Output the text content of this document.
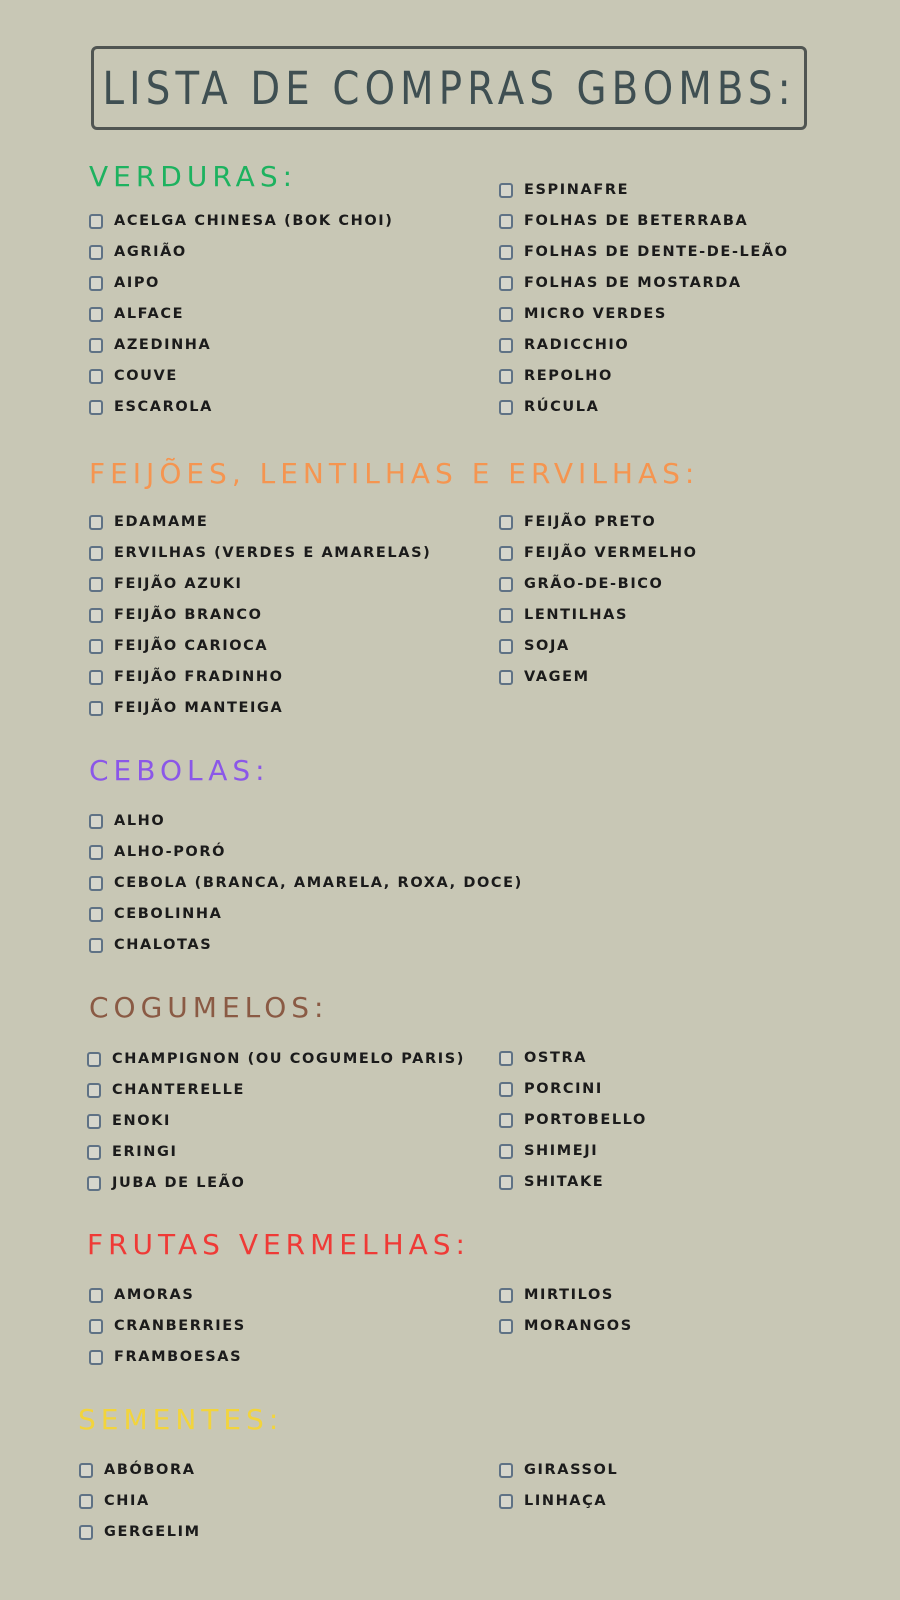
LISTA DE COMPRAS GBOMBS:
VERDURAS:
ACELGA CHINESA (BOK CHOI)
AGRIÃO
AIPO
ALFACE
AZEDINHA
COUVE
ESCAROLA
ESPINAFRE
FOLHAS DE BETERRABA
FOLHAS DE DENTE-DE-LEÃO
FOLHAS DE MOSTARDA
MICRO VERDES
RADICCHIO
REPOLHO
RÚCULA
FEIJÕES, LENTILHAS E ERVILHAS:
EDAMAME
ERVILHAS (VERDES E AMARELAS)
FEIJÃO AZUKI
FEIJÃO BRANCO
FEIJÃO CARIOCA
FEIJÃO FRADINHO
FEIJÃO MANTEIGA
FEIJÃO PRETO
FEIJÃO VERMELHO
GRÃO-DE-BICO
LENTILHAS
SOJA
VAGEM
CEBOLAS:
ALHO
ALHO-PORÓ
CEBOLA (BRANCA, AMARELA, ROXA, DOCE)
CEBOLINHA
CHALOTAS
COGUMELOS:
CHAMPIGNON (OU COGUMELO PARIS)
CHANTERELLE
ENOKI
ERINGI
JUBA DE LEÃO
OSTRA
PORCINI
PORTOBELLO
SHIMEJI
SHITAKE
FRUTAS VERMELHAS:
AMORAS
CRANBERRIES
FRAMBOESAS
MIRTILOS
MORANGOS
SEMENTES:
ABÓBORA
CHIA
GERGELIM
GIRASSOL
LINHAÇA
